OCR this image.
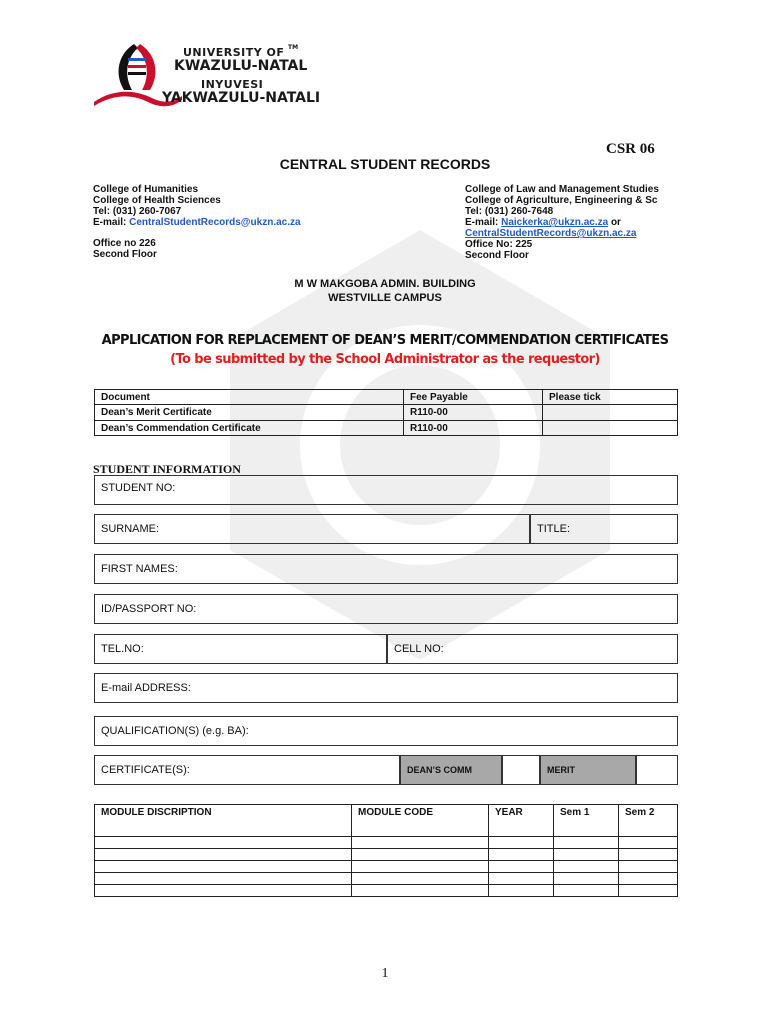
UNIVERSITY OF TM
KWAZULU-NATAL
INYUVESI
YAKWAZULU-NATALI
CSR 06
CENTRAL STUDENT RECORDS
College of Humanities
College of Health Sciences
Tel: (031) 260-7067
E-mail: CentralStudentRecords@ukzn.ac.za
Office no 226
Second Floor
College of Law and Management Studies
College of Agriculture, Engineering & Sc
Tel: (031) 260-7648
E-mail: Naickerka@ukzn.ac.za or
CentralStudentRecords@ukzn.ac.za
Office No: 225
Second Floor
M W MAKGOBA ADMIN. BUILDING
WESTVILLE CAMPUS
APPLICATION FOR REPLACEMENT OF DEAN’S MERIT/COMMENDATION CERTIFICATES
(To be submitted by the School Administrator as the requestor)
Document	Fee Payable	Please tick
Dean’s Merit Certificate	R110-00	
Dean’s Commendation Certificate	R110-00	
STUDENT INFORMATION
STUDENT NO:
SURNAME:	TITLE:
FIRST NAMES:
ID/PASSPORT NO:
TEL.NO:	CELL NO:
E-mail ADDRESS:
QUALIFICATION(S) (e.g. BA):
CERTIFICATE(S):	DEAN’S COMM	MERIT
MODULE DISCRIPTION	MODULE CODE	YEAR	Sem 1	Sem 2

1
